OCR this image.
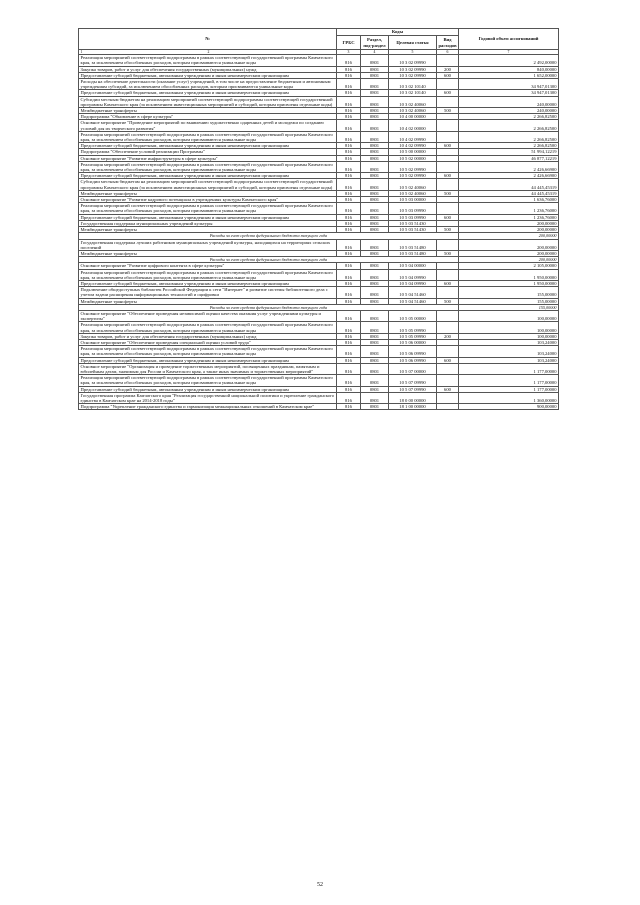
№	Коды				Годовой объем ассигнований
	ГРБС	Раздел, под-раздел	Целевая статья	Вид расходов	

1 2	3	4	5	6	7
Реализация мероприятий соответствующей подпрограммы в рамках соответствующей государственной программы Камчатского края, за исключением обособленных расходов, которым присваиваются уникальные коды	816	0801	10 3 02 09990		2 492,00000
Закупка товаров, работ и услуг для обеспечения государственных (муниципальных) нужд	816	0801	10 3 02 09990	200	840,00000
Предоставление субсидий бюджетным, автономным учреждениям и иным некоммерческим организациям	816	0801	10 3 02 09990	600	1 652,00000
Расходы на обеспечение деятельности (оказание услуг) учреждений, в том числе на предоставление бюджетным и автономным учреждениям субсидий, за исключением обособленных расходов, которым присваиваются уникальные коды	816	0801	10 3 02 10140		34 947,01300
Предоставление субсидий бюджетным, автономным учреждениям и иным некоммерческим организациям	816	0801	10 3 02 10140	600	34 947,01300
Субсидии местным бюджетам на реализацию мероприятий соответствующей подпрограммы соответствующей государственной программы Камчатского края (за исключением инвестиционных мероприятий и субсидий, которым присвоены отдельные коды)	816	0801	10 3 02 40060		240,00000
Межбюджетные трансферты	816	0801	10 3 02 40060	500	240,00000
Подпрограмма "Обновление в сфере культуры"	816	0801	10 4 00 00000		2 266,82500
Основное мероприятие "Проведение мероприятий по выявлению художественно одаренных детей и молодежи по созданию условий для их творческого развития"	816	0801	10 4 02 00000		2 266,82500
Реализация мероприятий соответствующей подпрограммы в рамках соответствующей государственной программы Камчатского края, за исключением обособленных расходов, которым присваиваются уникальные коды	816	0801	10 4 02 09990		2 266,82500
Предоставление субсидий бюджетным, автономным учреждениям и иным некоммерческим организациям	816	0801	10 4 02 09990	600	2 266,82500
Подпрограмма "Обеспечение условий реализации Программы"	816	0801	10 5 00 00000		51 994,12219
Основное мероприятие "Развитие инфраструктуры в сфере культуры"	816	0801	10 5 02 00000		46 877,12219
Реализация мероприятий соответствующей подпрограммы в рамках соответствующей государственной программы Камчатского края, за исключением обособленных расходов, которым присваиваются уникальные коды	816	0801	10 5 02 09990		2 426,66900
Предоставление субсидий бюджетным, автономным учреждениям и иным некоммерческим организациям	816	0801	10 5 02 09990	600	2 426,66900
Субсидии местным бюджетам на реализацию мероприятий соответствующей подпрограммы соответствующей государственной программы Камчатского края (за исключением инвестиционных мероприятий и субсидий, которым присвоены отдельные коды)	816	0801	10 5 02 40060		44 445,45319
Межбюджетные трансферты	816	0801	10 5 02 40060	500	44 445,45319
Основное мероприятие "Развитие кадрового потенциала в учреждениях культуры Камчатского края"	816	0801	10 5 03 00000		1 636,76000
Реализация мероприятий соответствующей подпрограммы в рамках соответствующей государственной программы Камчатского края, за исключением обособленных расходов, которым присваиваются уникальные коды	816	0801	10 5 03 09990		1 236,76000
Предоставление субсидий бюджетным, автономным учреждениям и иным некоммерческим организациям	816	0801	10 5 03 09990	600	1 236,76000
Государственная поддержка муниципальных учреждений культуры	816	0801	10 5 03 51430		200,00000
Межбюджетные трансферты	816	0801	10 5 03 51430	500	200,00000
Расходы за счет средств федерального бюджета текущего года					200,00000
Государственная поддержка лучших работников муниципальных учреждений культуры, находящихся на территориях сельских поселений	816	0801	10 5 03 51480		200,00000
Межбюджетные трансферты	816	0801	10 5 03 51480	500	200,00000
Расходы за счет средств федерального бюджета текущего года					200,00000
Основное мероприятие "Развитие цифрового контента в сфере культуры"	816	0801	10 5 04 00000		2 105,00000
Реализация мероприятий соответствующей подпрограммы в рамках соответствующей государственной программы Камчатского края, за исключением обособленных расходов, которым присваиваются уникальные коды	816	0801	10 5 04 09990		1 950,00000
Предоставление субсидий бюджетным, автономным учреждениям и иным некоммерческим организациям	816	0801	10 5 04 09990	600	1 950,00000
Подключение общедоступных библиотек Российской Федерации к сети "Интернет" и развитие системы библиотечного дела с учетом задачи расширения информационных технологий и оцифровки	816	0801	10 5 04 51460		155,00000
Межбюджетные трансферты	816	0801	10 5 04 51460	500	155,00000
Расходы за счет средств федерального бюджета текущего года					155,00000
Основное мероприятие "Обеспечение проведения независимой оценки качества оказания услуг учреждениями культуры и экспертизы"	816	0801	10 5 05 00000		100,00000
Реализация мероприятий соответствующей подпрограммы в рамках соответствующей государственной программы Камчатского края, за исключением обособленных расходов, которым присваиваются уникальные коды	816	0801	10 5 05 09990		100,00000
Закупка товаров, работ и услуг для обеспечения государственных (муниципальных) нужд	816	0801	10 5 05 09990	200	100,00000
Основное мероприятие "Обеспечение проведения специальной оценки условий труда"	816	0801	10 5 06 00000		103,24000
Реализация мероприятий соответствующей подпрограммы в рамках соответствующей государственной программы Камчатского края, за исключением обособленных расходов, которым присваиваются уникальные коды	816	0801	10 5 06 09990		103,24000
Предоставление субсидий бюджетным, автономным учреждениям и иным некоммерческим организациям	816	0801	10 5 06 09990	600	103,24000
Основное мероприятие "Организация и проведение торжественных мероприятий, посвященных праздникам, памятным и юбилейным датам, значимым для России и Камчатского края, а также иных значимых и торжественных мероприятий"	816	0801	10 5 07 00000		1 177,00000
Реализация мероприятий соответствующей подпрограммы в рамках соответствующей государственной программы Камчатского края, за исключением обособленных расходов, которым присваиваются уникальные коды	816	0801	10 5 07 09990		1 177,00000
Предоставление субсидий бюджетным, автономным учреждениям и иным некоммерческим организациям	816	0801	10 5 07 09990	600	1 177,00000
Государственная программа Камчатского края "Реализация государственной национальной политики и укрепление гражданского единства в Камчатском крае на 2014-2018 годы"	816	0801	18 0 00 00000		1 360,00000
Подпрограмма "Укрепление гражданского единства и гармонизация межнациональных отношений в Камчатском крае"	816	0801	18 1 00 00000		900,00000
52
